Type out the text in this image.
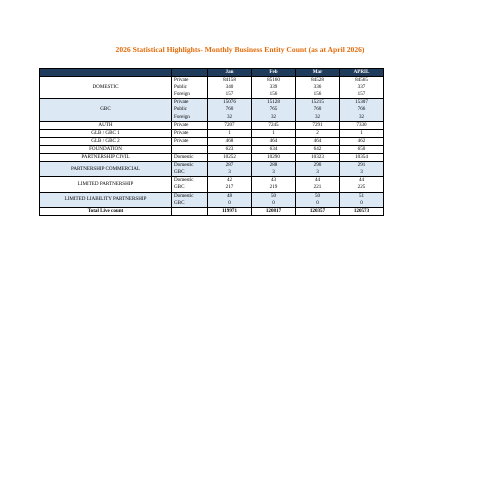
2026 Statistical Highlights- Monthly Business Entity Count (as at April 2026)
		Jan	Feb	Mar	APRIL
DOMESTIC	Private	84158	85160	84528	84565
	Public	340	339	336	337
	Foreign	157	156	156	157
GBC	Private	15076	15128	15215	15307
	Public	760	765	760	766
	Foreign	32	32	32	32
AUTH	Private	7207	7245	7291	7330
GLB / GBC 1	Private	1	1	2	1
GLB / GBC 2	Private	468	464	464	462
FOUNDATION		623	634	642	650
PARTNERSHIP CIVIL	Domestic	10252	10290	10323	10354
PARTNERSHIP COMMERCIAL	Domestic	287	288	290	291
	GBC	3	3	3	3
LIMITED PARTNERSHIP	Domestic	42	43	44	44
	GBC	217	219	221	225
LIMITED LIABILITY PARTNERSHIP	Domestic	48	50	50	51
	GBC	0	0	0	0
Total Live count		119971	120817	120357	120573
